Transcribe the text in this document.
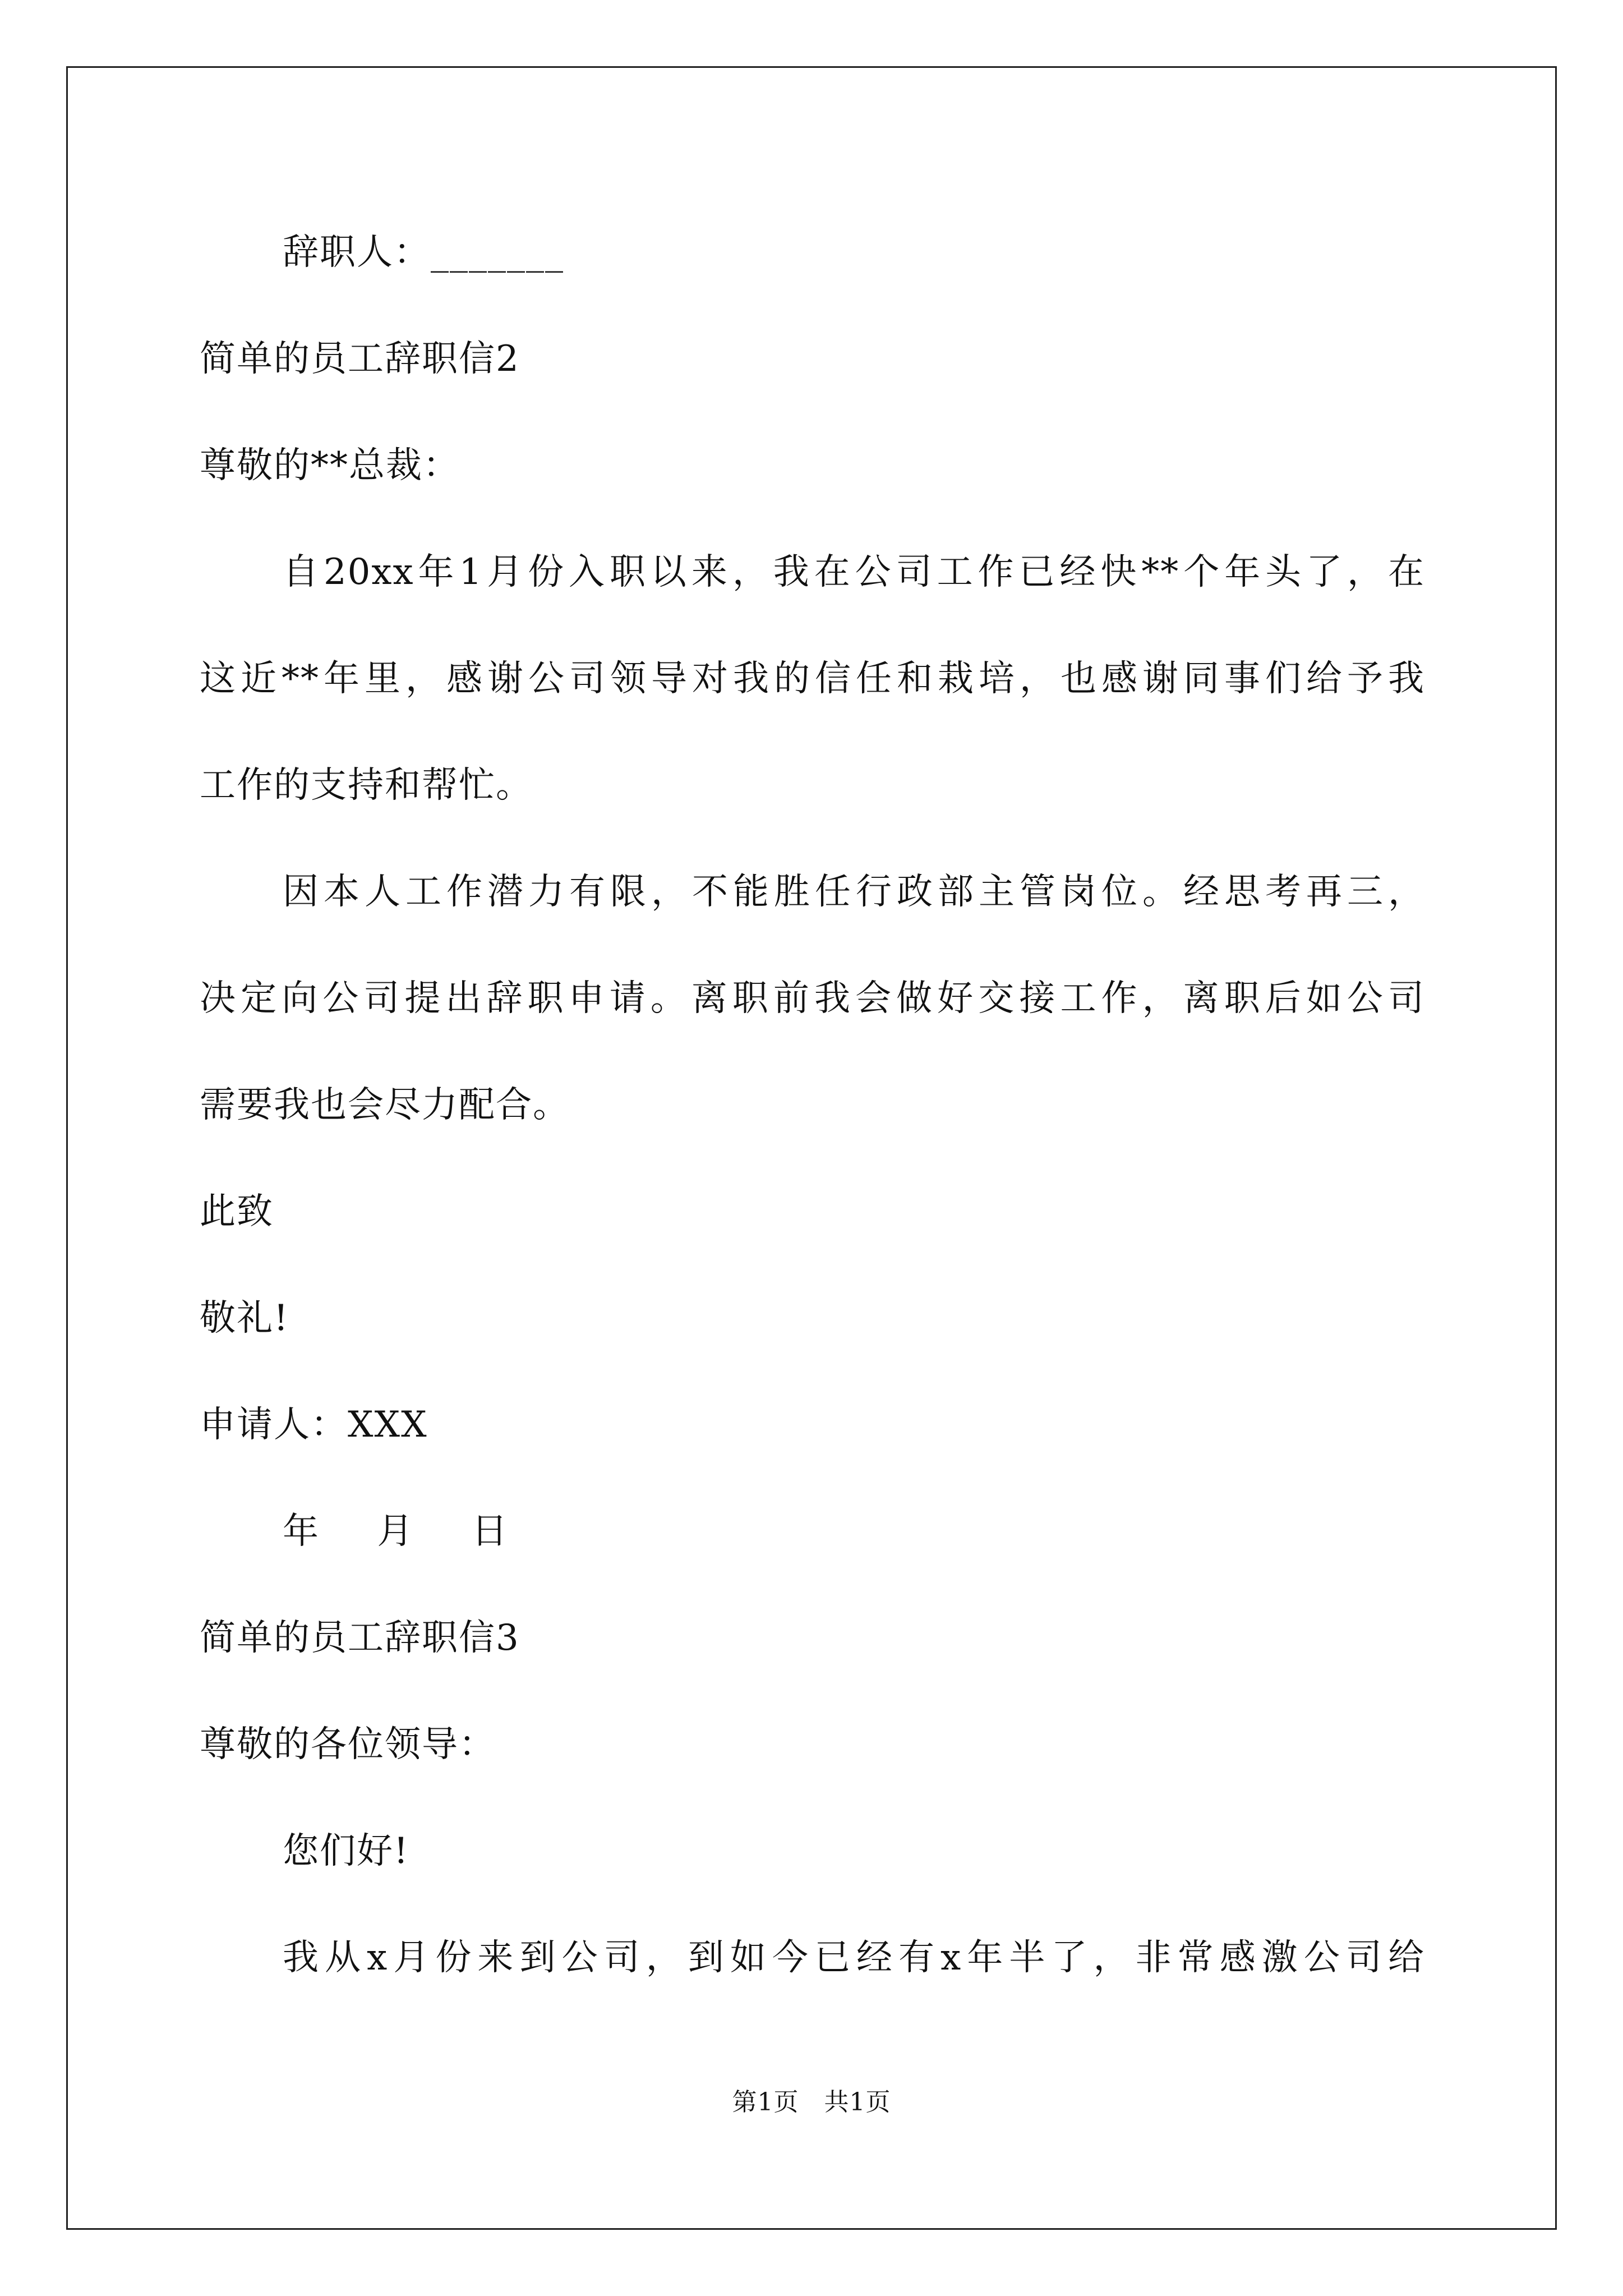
辞职人：_______
简单的员工辞职信2
尊敬的**总裁：
自20xx年1月份入职以来，我在公司工作已经快**个年头了，在
这近**年里，感谢公司领导对我的信任和栽培，也感谢同事们给予我
工作的支持和帮忙。
因本人工作潜力有限，不能胜任行政部主管岗位。经思考再三，
决定向公司提出辞职申请。离职前我会做好交接工作，离职后如公司
需要我也会尽力配合。
此致
敬礼!
申请人：XXX
年 月 日
简单的员工辞职信3
尊敬的各位领导：
您们好!
我从x月份来到公司，到如今已经有x年半了，非常感激公司给
第1页　共1页
